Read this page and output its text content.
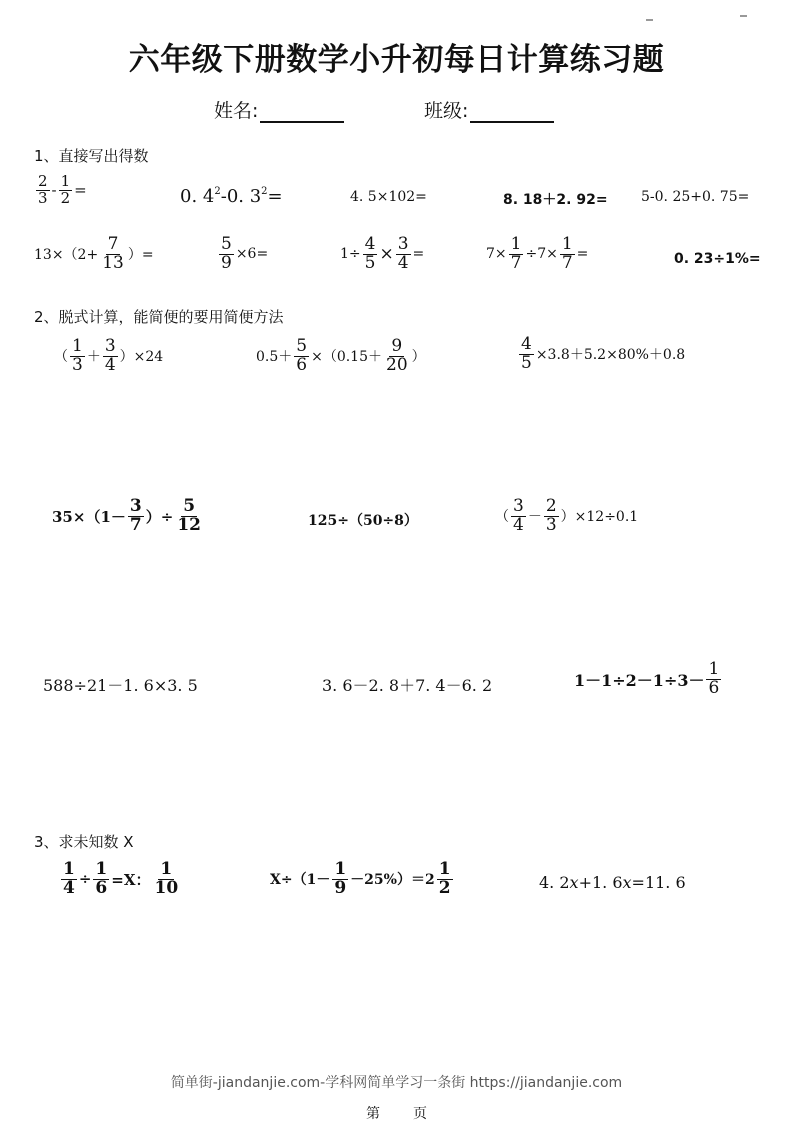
六年级下册数学小升初每日计算练习题
姓名:	班级:
1、直接写出得数
$\frac{2}{3} - \frac{1}{2}$ =	0. $4^2$ -0. $3^2$ =	4. 5×102=	8. 18＋2. 92= 5-0. 25+0. 75=
$13\times(2+ \frac{7}{13}$ ）=	$\frac{5}{9} \times 6=$	$1\div \frac{4}{5} \times \frac{3}{4}$ =	$7\times \frac{1}{7} \div 7\times \frac{1}{7}$ =	0. 23÷1%=
2、脱式计算，能简便的要用简便方法
（ $\frac{1}{3} + \frac{3}{4} )\times 24$	$0.5+ \frac{5}{6} \times(0.15+ \frac{9}{20}$ ）	$\frac{4}{5} \times 3.8+5.2\times 80\%+0.8$
$35\times(1- \frac{3}{7}$ ）÷ $\frac{5}{12}$	125÷（50÷8）	（ $\frac{3}{4} - \frac{2}{3} )\times 12\div 0.1$
588÷21－1. 6×3. 5	3. 6－2. 8＋7. 4－6. 2	$1-1\div 2-1\div 3- \frac{1}{6}$
3、求未知数 X
$\frac{1}{4} \div \frac{1}{6} =X$： $\frac{1}{10}$	$X\div(1- \frac{1}{9} -25\%)=2 \frac{1}{2}$	4. 2 x +1. 6 x =11. 6
简单街-jiandanjie.com-学科网简单学习一条街 https://jiandanjie.com
第 页
